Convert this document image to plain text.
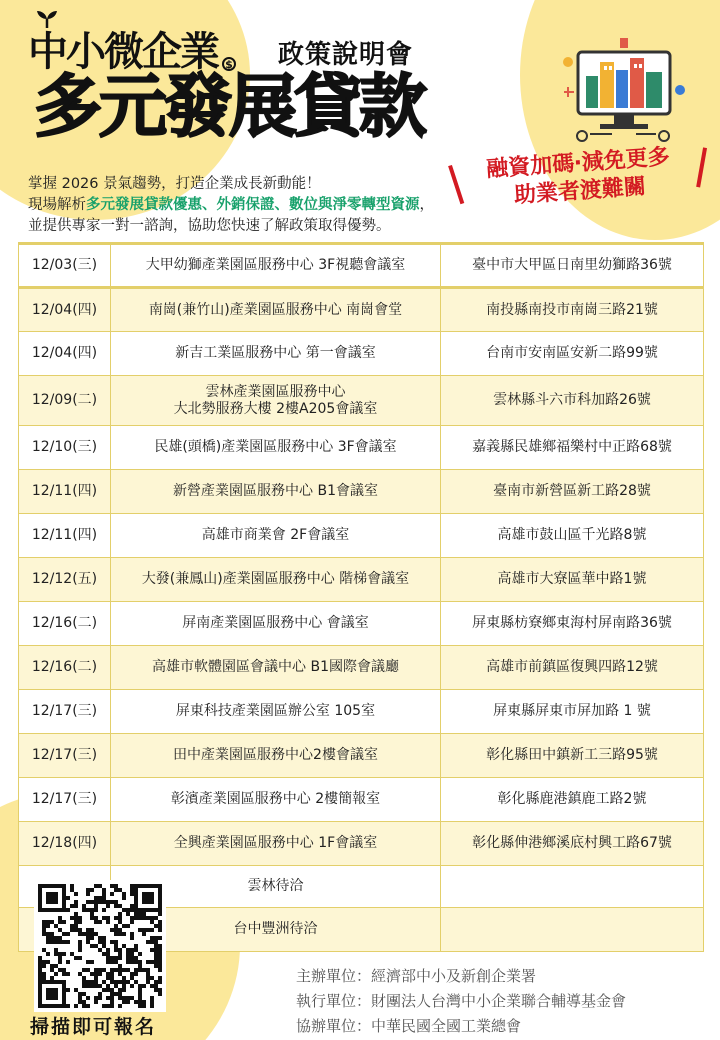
中小微企業 $ 政策說明會
多元發展貸款
融資加碼‧減免更多
助業者渡難關
掌握 2026 景氣趨勢，打造企業成長新動能！
現場解析多元發展貸款優惠、外銷保證、數位與淨零轉型資源，
並提供專家一對一諮詢，協助您快速了解政策取得優勢。
12/03(三)	大甲幼獅產業園區服務中心 3F視聽會議室	臺中市大甲區日南里幼獅路36號
12/04(四)	南崗(兼竹山)產業園區服務中心 南崗會堂	南投縣南投市南崗三路21號
12/04(四)	新吉工業區服務中心 第一會議室	台南市安南區安新二路99號
12/09(二)	雲林產業園區服務中心
大北勢服務大樓 2樓A205會議室	雲林縣斗六市科加路26號
12/10(三)	民雄(頭橋)產業園區服務中心 3F會議室	嘉義縣民雄鄉福樂村中正路68號
12/11(四)	新營產業園區服務中心 B1會議室	臺南市新營區新工路28號
12/11(四)	高雄市商業會 2F會議室	高雄市鼓山區千光路8號
12/12(五)	大發(兼鳳山)產業園區服務中心 階梯會議室	高雄市大寮區華中路1號
12/16(二)	屏南產業園區服務中心 會議室	屏東縣枋寮鄉東海村屏南路36號
12/16(二)	高雄市軟體園區會議中心 B1國際會議廳	高雄市前鎮區復興四路12號
12/17(三)	屏東科技產業園區辦公室 105室	屏東縣屏東市屏加路 1 號
12/17(三)	田中產業園區服務中心2樓會議室	彰化縣田中鎮新工三路95號
12/17(三)	彰濱產業園區服務中心 2樓簡報室	彰化縣鹿港鎮鹿工路2號
12/18(四)	全興產業園區服務中心 1F會議室	彰化縣伸港鄉溪底村興工路67號
	雲林待洽	
	台中豐洲待洽	
掃描即可報名
主辦單位：經濟部中小及新創企業署
執行單位：財團法人台灣中小企業聯合輔導基金會
協辦單位：中華民國全國工業總會
